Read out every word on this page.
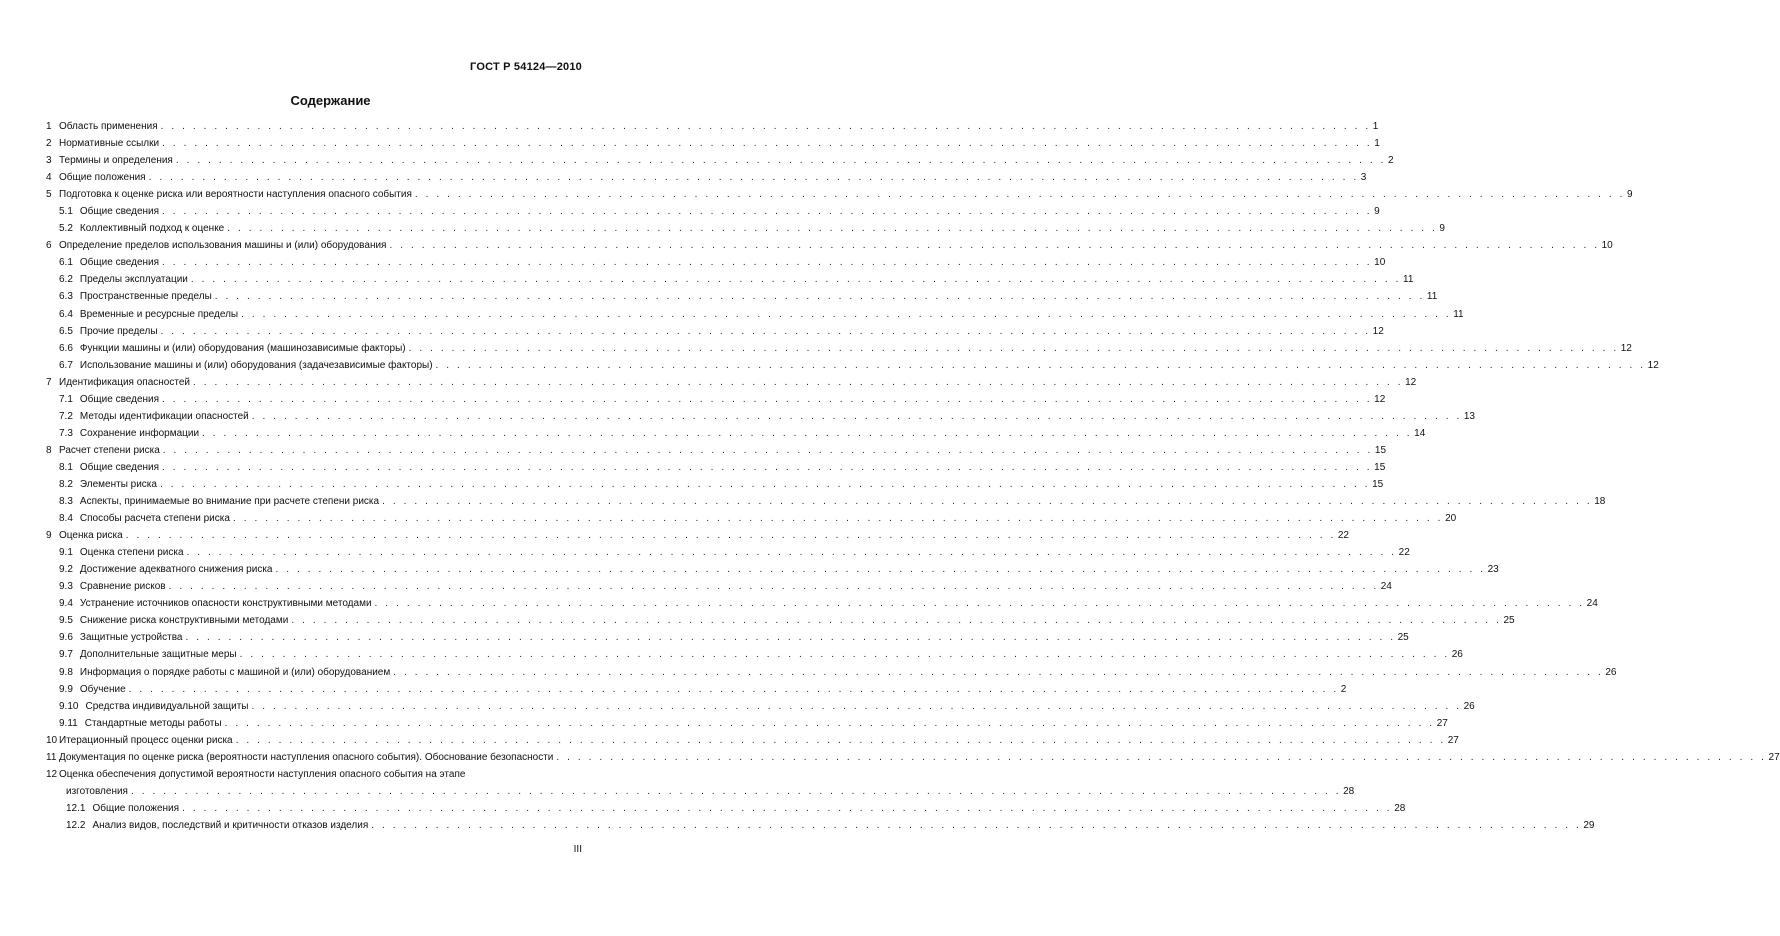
ГОСТ Р 54124—2010
Содержание
1 Область применения . . . . . . . . . . . . . . . . . . . . . . . . . . . . . . . . . . . . . . . . . . . . . . . . . . . . . . . . . . . . . . . . . . . . . . . . . . . . . . . . . . . . . . . . . . . . . . . . . . . . . . . . . . . . . . . . . 1
2 Нормативные ссылки . . . . . . . . . . . . . . . . . . . . . . . . . . . . . . . . . . . . . . . . . . . . . . . . . . . . . . . . . . . . . . . . . . . . . . . . . . . . . . . . . . . . . . . . . . . . . . . . . . . . . . . . . . . . . . . . . 1
3 Термины и определения . . . . . . . . . . . . . . . . . . . . . . . . . . . . . . . . . . . . . . . . . . . . . . . . . . . . . . . . . . . . . . . . . . . . . . . . . . . . . . . . . . . . . . . . . . . . . . . . . . . . . . . . . . . . . . . . . 2
4 Общие положения . . . . . . . . . . . . . . . . . . . . . . . . . . . . . . . . . . . . . . . . . . . . . . . . . . . . . . . . . . . . . . . . . . . . . . . . . . . . . . . . . . . . . . . . . . . . . . . . . . . . . . . . . . . . . . . . . 3
5 Подготовка к оценке риска или вероятности наступления опасного события . . . . . . . . . . . . . . . . . . . . . . . . . . . . . . . . . . . . . . . . . . . . . . . . . . . . . . . . . . . . . . . . . . . . . . . . . . . . . . . . . . . . . . . . . . . . . . . . . . . . . . . . . . . . . . . . . 9
5.1 Общие сведения . . . . . . . . . . . . . . . . . . . . . . . . . . . . . . . . . . . . . . . . . . . . . . . . . . . . . . . . . . . . . . . . . . . . . . . . . . . . . . . . . . . . . . . . . . . . . . . . . . . . . . . . . . . . . . . . . 9
5.2 Коллективный подход к оценке . . . . . . . . . . . . . . . . . . . . . . . . . . . . . . . . . . . . . . . . . . . . . . . . . . . . . . . . . . . . . . . . . . . . . . . . . . . . . . . . . . . . . . . . . . . . . . . . . . . . . . . . . . . . . . . . . 9
6 Определение пределов использования машины и (или) оборудования . . . . . . . . . . . . . . . . . . . . . . . . . . . . . . . . . . . . . . . . . . . . . . . . . . . . . . . . . . . . . . . . . . . . . . . . . . . . . . . . . . . . . . . . . . . . . . . . . . . . . . . . . . . . . . . . . 10
6.1 Общие сведения . . . . . . . . . . . . . . . . . . . . . . . . . . . . . . . . . . . . . . . . . . . . . . . . . . . . . . . . . . . . . . . . . . . . . . . . . . . . . . . . . . . . . . . . . . . . . . . . . . . . . . . . . . . . . . . . . 10
6.2 Пределы эксплуатации . . . . . . . . . . . . . . . . . . . . . . . . . . . . . . . . . . . . . . . . . . . . . . . . . . . . . . . . . . . . . . . . . . . . . . . . . . . . . . . . . . . . . . . . . . . . . . . . . . . . . . . . . . . . . . . . . 11
6.3 Пространственные пределы . . . . . . . . . . . . . . . . . . . . . . . . . . . . . . . . . . . . . . . . . . . . . . . . . . . . . . . . . . . . . . . . . . . . . . . . . . . . . . . . . . . . . . . . . . . . . . . . . . . . . . . . . . . . . . . . . 11
6.4 Временные и ресурсные пределы . . . . . . . . . . . . . . . . . . . . . . . . . . . . . . . . . . . . . . . . . . . . . . . . . . . . . . . . . . . . . . . . . . . . . . . . . . . . . . . . . . . . . . . . . . . . . . . . . . . . . . . . . . . . . . . . . 11
6.5 Прочие пределы . . . . . . . . . . . . . . . . . . . . . . . . . . . . . . . . . . . . . . . . . . . . . . . . . . . . . . . . . . . . . . . . . . . . . . . . . . . . . . . . . . . . . . . . . . . . . . . . . . . . . . . . . . . . . . . . . 12
6.6 Функции машины и (или) оборудования (машинозависимые факторы) . . . . . . . . . . . . . . . . . . . . . . . . . . . . . . . . . . . . . . . . . . . . . . . . . . . . . . . . . . . . . . . . . . . . . . . . . . . . . . . . . . . . . . . . . . . . . . . . . . . . . . . . . . . . . . . . . 12
6.7 Использование машины и (или) оборудования (задачезависимые факторы) . . . . . . . . . . . . . . . . . . . . . . . . . . . . . . . . . . . . . . . . . . . . . . . . . . . . . . . . . . . . . . . . . . . . . . . . . . . . . . . . . . . . . . . . . . . . . . . . . . . . . . . . . . . . . . . . . 12
7 Идентификация опасностей . . . . . . . . . . . . . . . . . . . . . . . . . . . . . . . . . . . . . . . . . . . . . . . . . . . . . . . . . . . . . . . . . . . . . . . . . . . . . . . . . . . . . . . . . . . . . . . . . . . . . . . . . . . . . . . . . 12
7.1 Общие сведения . . . . . . . . . . . . . . . . . . . . . . . . . . . . . . . . . . . . . . . . . . . . . . . . . . . . . . . . . . . . . . . . . . . . . . . . . . . . . . . . . . . . . . . . . . . . . . . . . . . . . . . . . . . . . . . . . 12
7.2 Методы идентификации опасностей . . . . . . . . . . . . . . . . . . . . . . . . . . . . . . . . . . . . . . . . . . . . . . . . . . . . . . . . . . . . . . . . . . . . . . . . . . . . . . . . . . . . . . . . . . . . . . . . . . . . . . . . . . . . . . . . . 13
7.3 Сохранение информации . . . . . . . . . . . . . . . . . . . . . . . . . . . . . . . . . . . . . . . . . . . . . . . . . . . . . . . . . . . . . . . . . . . . . . . . . . . . . . . . . . . . . . . . . . . . . . . . . . . . . . . . . . . . . . . . . 14
8 Расчет степени риска . . . . . . . . . . . . . . . . . . . . . . . . . . . . . . . . . . . . . . . . . . . . . . . . . . . . . . . . . . . . . . . . . . . . . . . . . . . . . . . . . . . . . . . . . . . . . . . . . . . . . . . . . . . . . . . . . 15
8.1 Общие сведения . . . . . . . . . . . . . . . . . . . . . . . . . . . . . . . . . . . . . . . . . . . . . . . . . . . . . . . . . . . . . . . . . . . . . . . . . . . . . . . . . . . . . . . . . . . . . . . . . . . . . . . . . . . . . . . . . 15
8.2 Элементы риска . . . . . . . . . . . . . . . . . . . . . . . . . . . . . . . . . . . . . . . . . . . . . . . . . . . . . . . . . . . . . . . . . . . . . . . . . . . . . . . . . . . . . . . . . . . . . . . . . . . . . . . . . . . . . . . . . 15
8.3 Аспекты, принимаемые во внимание при расчете степени риска . . . . . . . . . . . . . . . . . . . . . . . . . . . . . . . . . . . . . . . . . . . . . . . . . . . . . . . . . . . . . . . . . . . . . . . . . . . . . . . . . . . . . . . . . . . . . . . . . . . . . . . . . . . . . . . . . 18
8.4 Способы расчета степени риска . . . . . . . . . . . . . . . . . . . . . . . . . . . . . . . . . . . . . . . . . . . . . . . . . . . . . . . . . . . . . . . . . . . . . . . . . . . . . . . . . . . . . . . . . . . . . . . . . . . . . . . . . . . . . . . . . 20
9 Оценка риска . . . . . . . . . . . . . . . . . . . . . . . . . . . . . . . . . . . . . . . . . . . . . . . . . . . . . . . . . . . . . . . . . . . . . . . . . . . . . . . . . . . . . . . . . . . . . . . . . . . . . . . . . . . . . . . . . 22
9.1 Оценка степени риска . . . . . . . . . . . . . . . . . . . . . . . . . . . . . . . . . . . . . . . . . . . . . . . . . . . . . . . . . . . . . . . . . . . . . . . . . . . . . . . . . . . . . . . . . . . . . . . . . . . . . . . . . . . . . . . . . 22
9.2 Достижение адекватного снижения риска . . . . . . . . . . . . . . . . . . . . . . . . . . . . . . . . . . . . . . . . . . . . . . . . . . . . . . . . . . . . . . . . . . . . . . . . . . . . . . . . . . . . . . . . . . . . . . . . . . . . . . . . . . . . . . . . . 23
9.3 Сравнение рисков . . . . . . . . . . . . . . . . . . . . . . . . . . . . . . . . . . . . . . . . . . . . . . . . . . . . . . . . . . . . . . . . . . . . . . . . . . . . . . . . . . . . . . . . . . . . . . . . . . . . . . . . . . . . . . . . . 24
9.4 Устранение источников опасности конструктивными методами . . . . . . . . . . . . . . . . . . . . . . . . . . . . . . . . . . . . . . . . . . . . . . . . . . . . . . . . . . . . . . . . . . . . . . . . . . . . . . . . . . . . . . . . . . . . . . . . . . . . . . . . . . . . . . . . . 24
9.5 Снижение риска конструктивными методами . . . . . . . . . . . . . . . . . . . . . . . . . . . . . . . . . . . . . . . . . . . . . . . . . . . . . . . . . . . . . . . . . . . . . . . . . . . . . . . . . . . . . . . . . . . . . . . . . . . . . . . . . . . . . . . . . 25
9.6 Защитные устройства . . . . . . . . . . . . . . . . . . . . . . . . . . . . . . . . . . . . . . . . . . . . . . . . . . . . . . . . . . . . . . . . . . . . . . . . . . . . . . . . . . . . . . . . . . . . . . . . . . . . . . . . . . . . . . . . . 25
9.7 Дополнительные защитные меры . . . . . . . . . . . . . . . . . . . . . . . . . . . . . . . . . . . . . . . . . . . . . . . . . . . . . . . . . . . . . . . . . . . . . . . . . . . . . . . . . . . . . . . . . . . . . . . . . . . . . . . . . . . . . . . . . 26
9.8 Информация о порядке работы с машиной и (или) оборудованием . . . . . . . . . . . . . . . . . . . . . . . . . . . . . . . . . . . . . . . . . . . . . . . . . . . . . . . . . . . . . . . . . . . . . . . . . . . . . . . . . . . . . . . . . . . . . . . . . . . . . . . . . . . . . . . . . 26
9.9 Обучение . . . . . . . . . . . . . . . . . . . . . . . . . . . . . . . . . . . . . . . . . . . . . . . . . . . . . . . . . . . . . . . . . . . . . . . . . . . . . . . . . . . . . . . . . . . . . . . . . . . . . . . . . . . . . . . . . 2
9.10 Средства индивидуальной защиты . . . . . . . . . . . . . . . . . . . . . . . . . . . . . . . . . . . . . . . . . . . . . . . . . . . . . . . . . . . . . . . . . . . . . . . . . . . . . . . . . . . . . . . . . . . . . . . . . . . . . . . . . . . . . . . . . 26
9.11 Стандартные методы работы . . . . . . . . . . . . . . . . . . . . . . . . . . . . . . . . . . . . . . . . . . . . . . . . . . . . . . . . . . . . . . . . . . . . . . . . . . . . . . . . . . . . . . . . . . . . . . . . . . . . . . . . . . . . . . . . . 27
10 Итерационный процесс оценки риска . . . . . . . . . . . . . . . . . . . . . . . . . . . . . . . . . . . . . . . . . . . . . . . . . . . . . . . . . . . . . . . . . . . . . . . . . . . . . . . . . . . . . . . . . . . . . . . . . . . . . . . . . . . . . . . . . 27
11 Документация по оценке риска (вероятности наступления опасного события). Обоснование безопасности . . . . . . . . . . . . . . . . . . . . . . . . . . . . . . . . . . . . . . . . . . . . . . . . . . . . . . . . . . . . . . . . . . . . . . . . . . . . . . . . . . . . . . . . . . . . . . . . . . . . . . . . . . . . . . . . . 27
12 Оценка обеспечения допустимой вероятности наступления опасного события на этапе
изготовления . . . . . . . . . . . . . . . . . . . . . . . . . . . . . . . . . . . . . . . . . . . . . . . . . . . . . . . . . . . . . . . . . . . . . . . . . . . . . . . . . . . . . . . . . . . . . . . . . . . . . . . . . . . . . . . . . 28
12.1 Общие положения . . . . . . . . . . . . . . . . . . . . . . . . . . . . . . . . . . . . . . . . . . . . . . . . . . . . . . . . . . . . . . . . . . . . . . . . . . . . . . . . . . . . . . . . . . . . . . . . . . . . . . . . . . . . . . . . . 28
12.2 Анализ видов, последствий и критичности отказов изделия . . . . . . . . . . . . . . . . . . . . . . . . . . . . . . . . . . . . . . . . . . . . . . . . . . . . . . . . . . . . . . . . . . . . . . . . . . . . . . . . . . . . . . . . . . . . . . . . . . . . . . . . . . . . . . . . . 29
III
